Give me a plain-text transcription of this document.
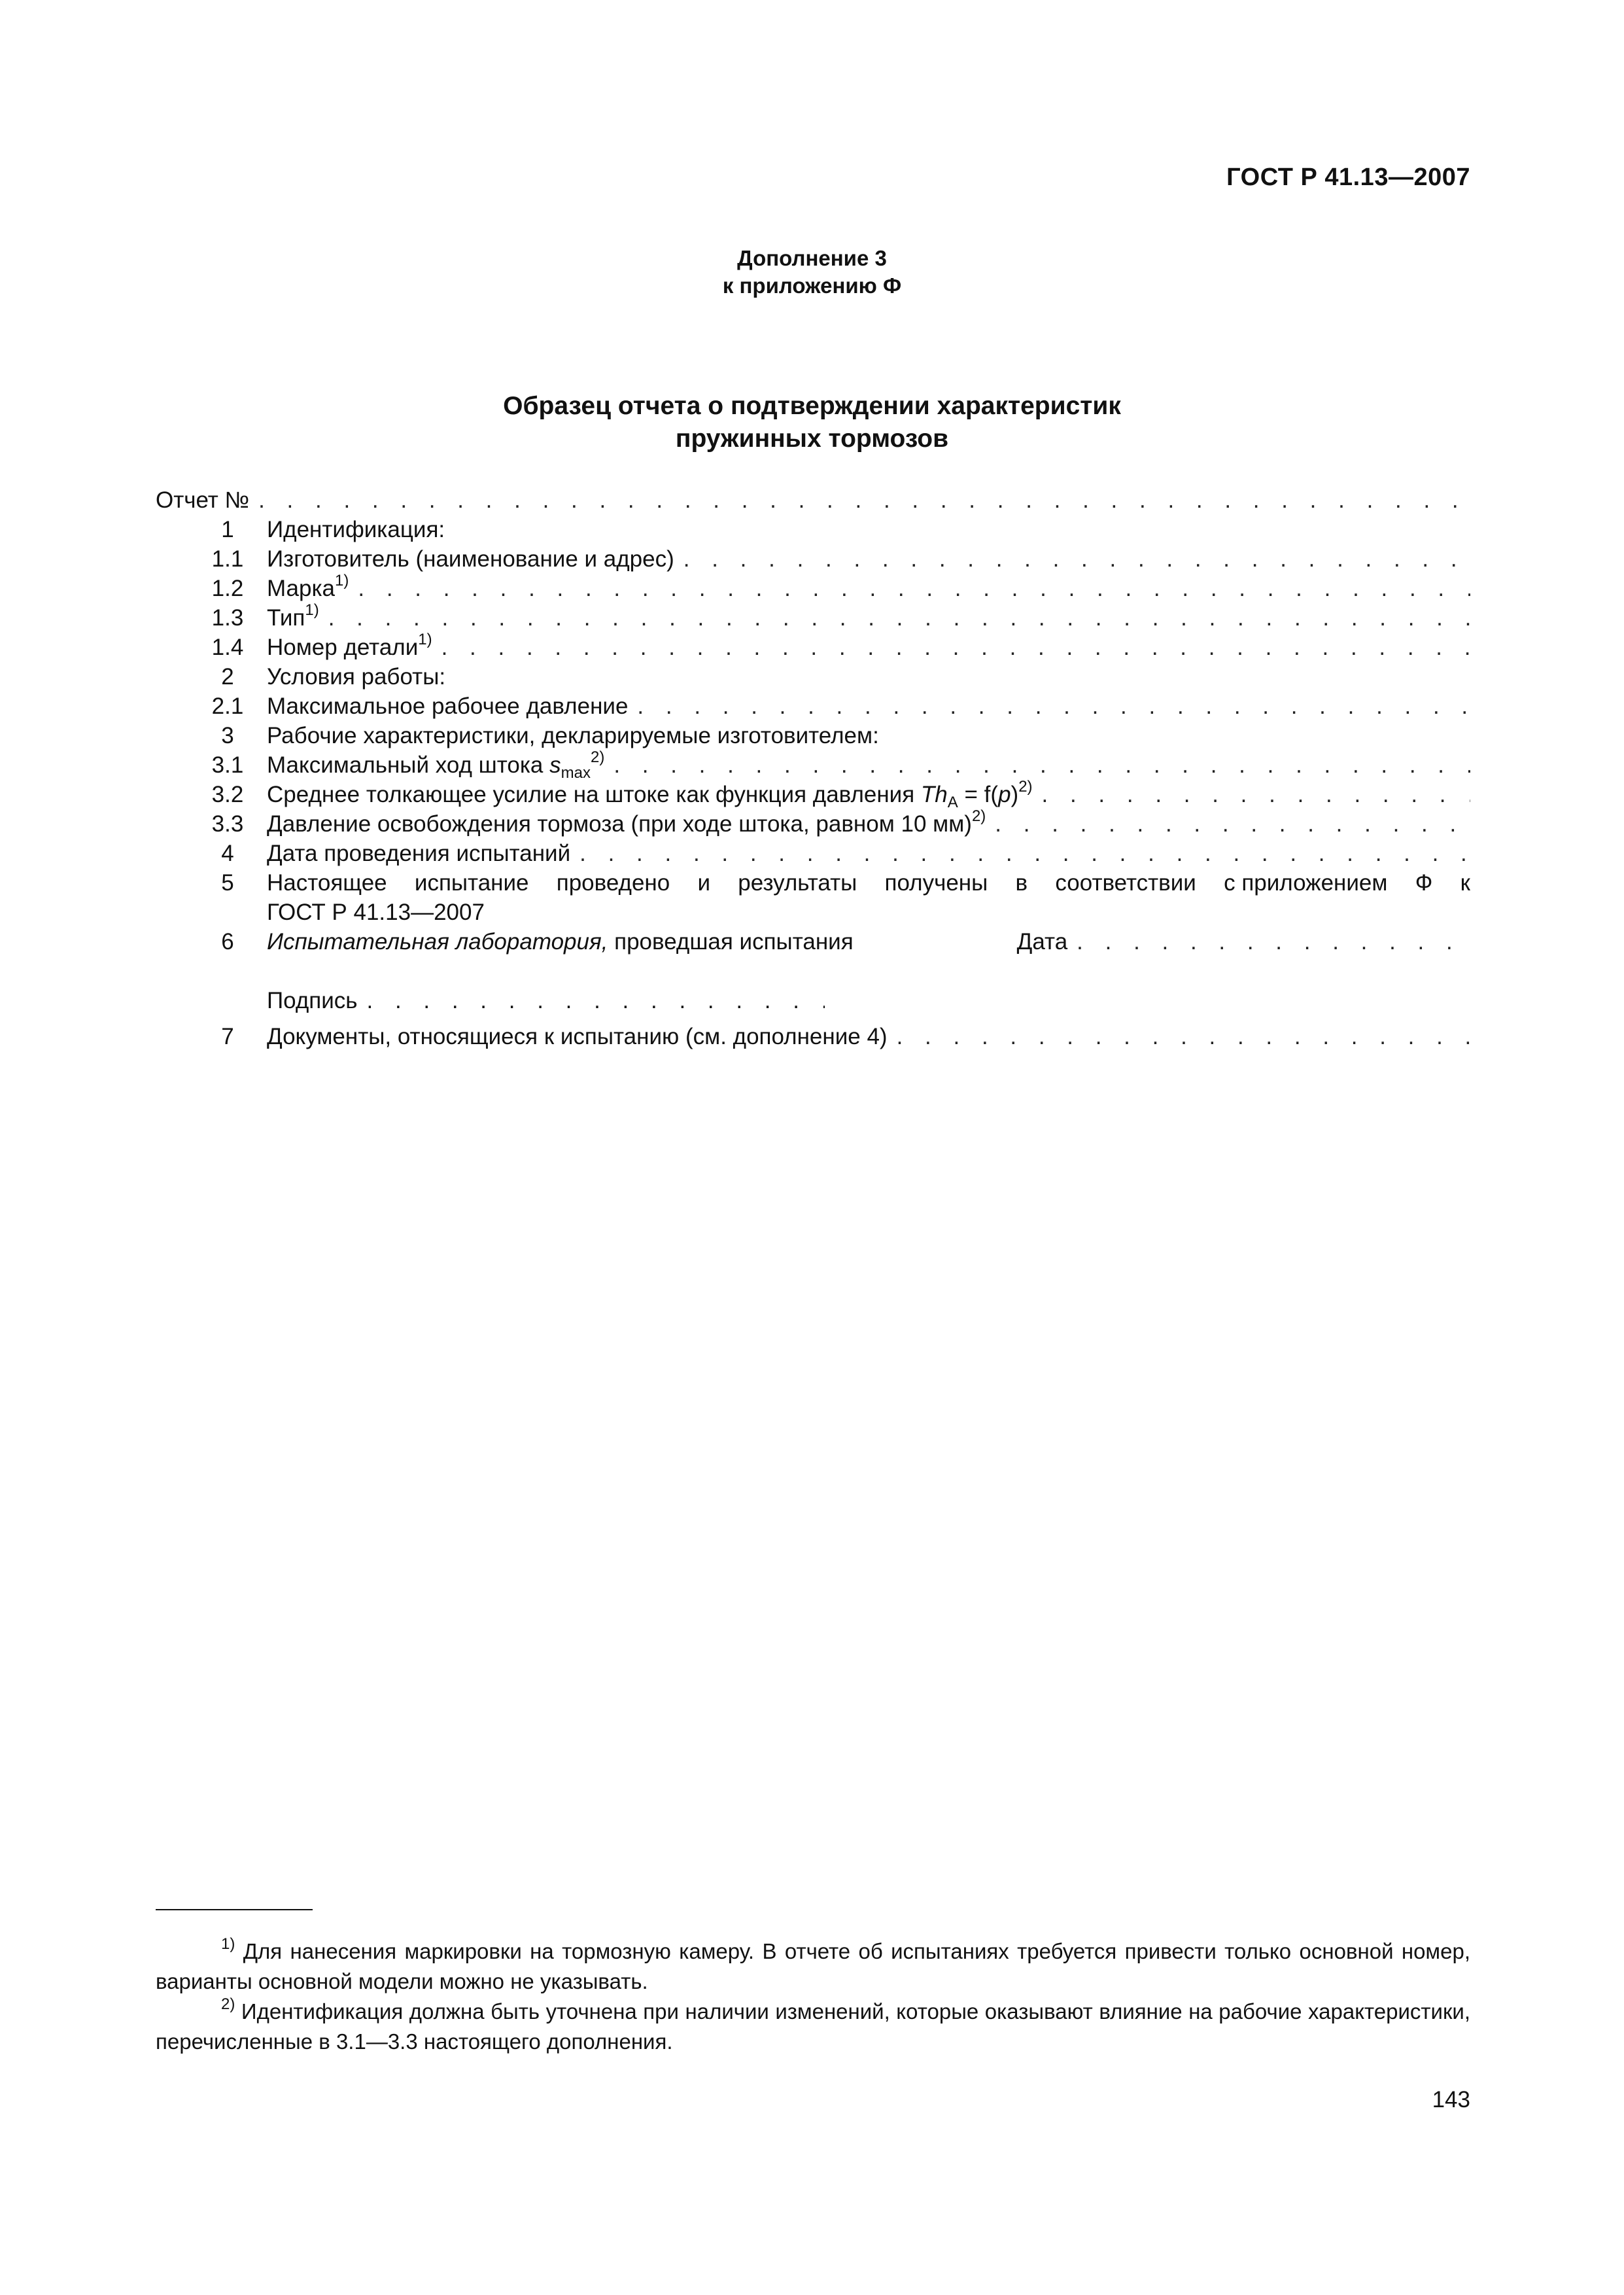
ГОСТ Р 41.13—2007
Дополнение 3
к приложению Ф
Образец отчета о подтверждении характеристик
пружинных тормозов
Отчет №
. . .
1	Идентификация:
1.1	Изготовитель (наименование и адрес)
. . .
1.2	Марка$^{1)}$
. . .
1.3	Тип$^{1)}$
. . .
1.4	Номер детали$^{1)}$
. . .
2	Условия работы:
2.1	Максимальное рабочее давление
. . .
3	Рабочие характеристики, декларируемые изготовителем:
3.1	Максимальный ход штока $s_{max}^{2)}$
. . .
3.2	Среднее толкающее усилие на штоке как функция давления $Th_A = f(p)^{2)}$
. . .
3.3	Давление освобождения тормоза (при ходе штока, равном 10 мм)$^{2)}$
. . .
4	Дата проведения испытаний
. . .
5	Настоящее испытание проведено и результаты получены в соответствии с приложением Ф к
ГОСТ Р 41.13—2007
6	Испытательная лаборатория, проведшая испытания	Дата
. . .
Подпись
. . .
7	Документы, относящиеся к испытанию (см. дополнение 4)
. . .

$^{1)}$ Для нанесения маркировки на тормозную камеру. В отчете об испытаниях требуется привести только основной номер, варианты основной модели можно не указывать.

$^{2)}$ Идентификация должна быть уточнена при наличии изменений, которые оказывают влияние на рабочие характеристики, перечисленные в 3.1—3.3 настоящего дополнения.

143
